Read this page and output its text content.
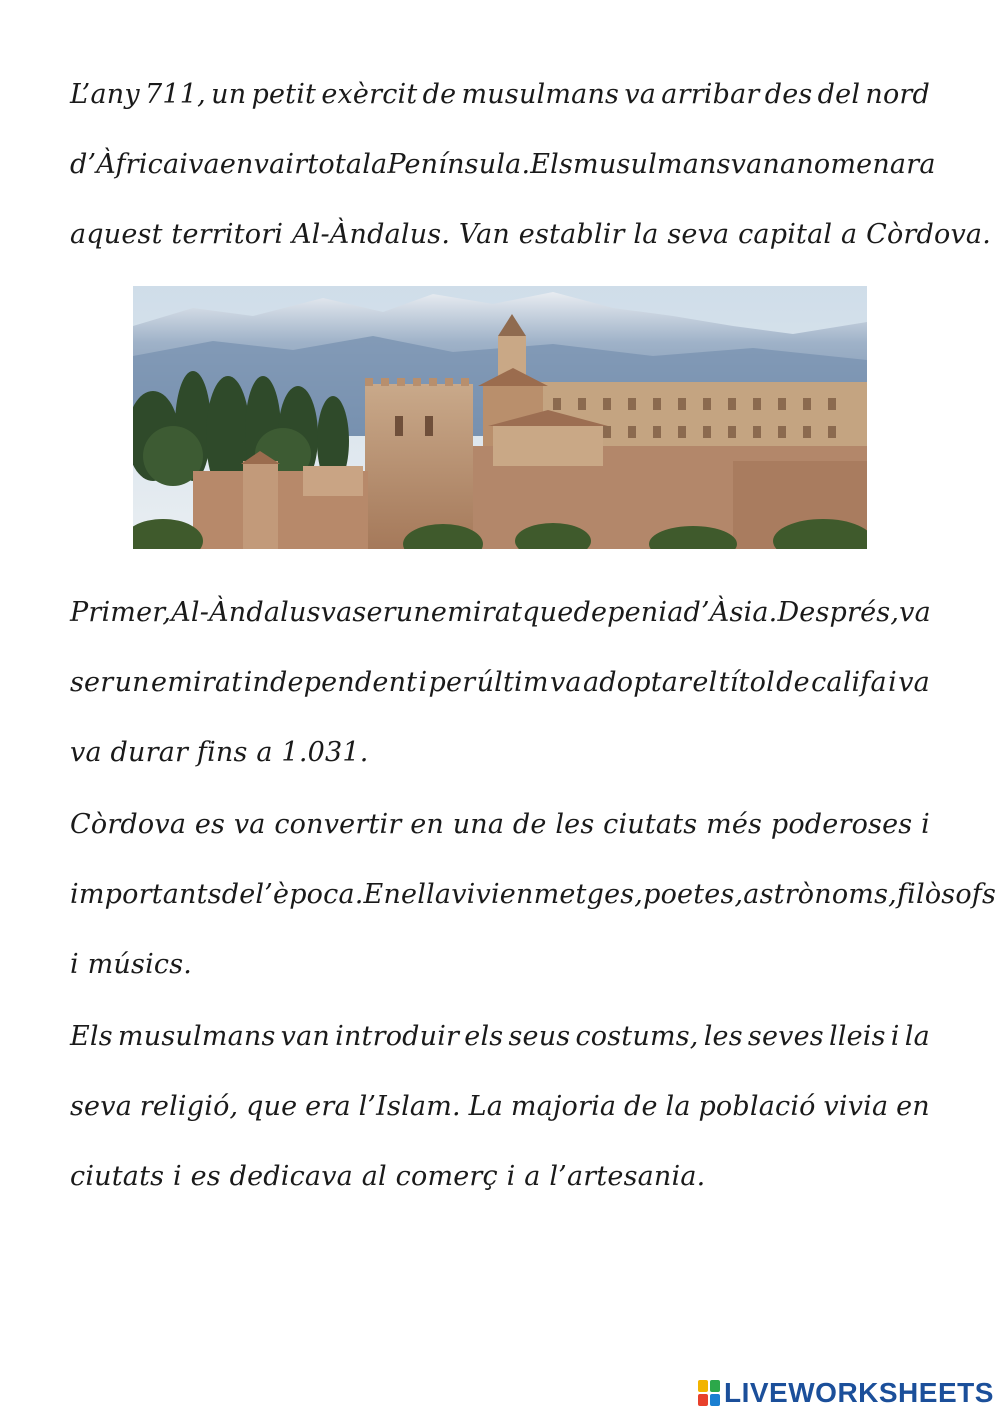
L’any 711, un petit exèrcit de musulmans va arribar des del nord
d’Àfrica i va envair tota la Península. Els musulmans van anomenar a
aquest territori Al-Àndalus. Van establir la seva capital a Còrdova.
Primer, Al-Àndalus va ser un emirat que depenia d’Àsia. Després, va
ser un emirat independent i per últim va adoptar el títol de califa i va
va durar fins a 1.031.
Còrdova es va convertir en una de les ciutats més poderoses i
importants de l’època. En ella vivien metges, poetes, astrònoms, filòsofs
i músics.
Els musulmans van introduir els seus costums, les seves lleis i la
seva religió, que era l’Islam. La majoria de la població vivia en
ciutats i es dedicava al comerç i a l’artesania.
LIVEWORKSHEETS
